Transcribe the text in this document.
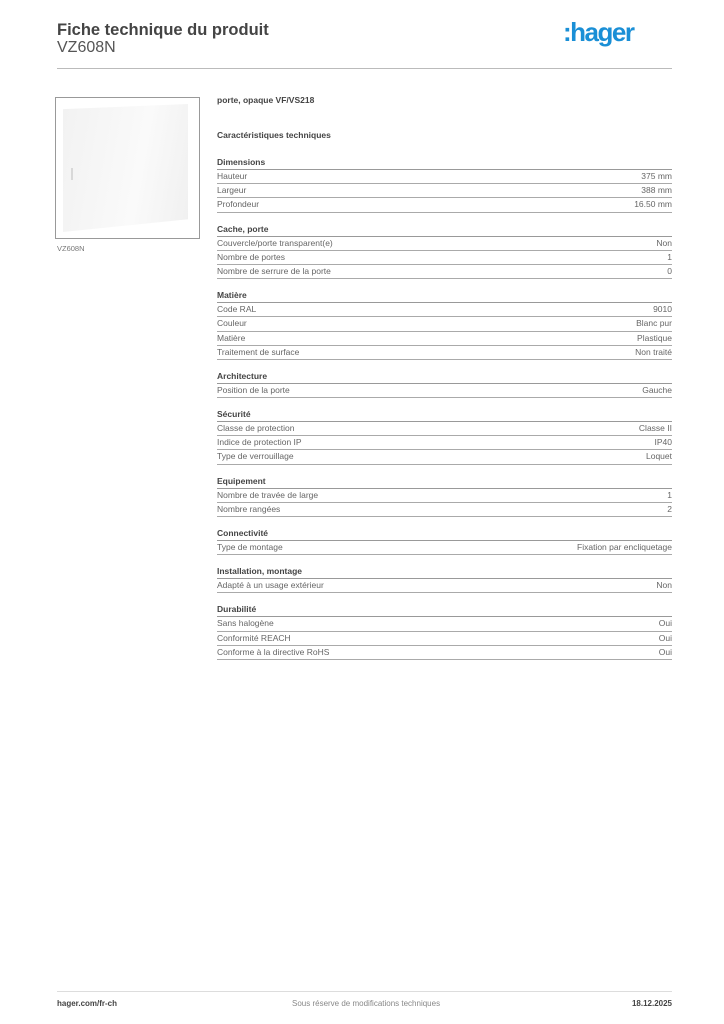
Fiche technique du produit
VZ608N
:hager
VZ608N
porte, opaque VF/VS218
Caractéristiques techniques
Dimensions
Hauteur	375 mm
Largeur	388 mm
Profondeur	16.50 mm
Cache, porte
Couvercle/porte transparent(e)	Non
Nombre de portes	1
Nombre de serrure de la porte	0
Matière
Code RAL	9010
Couleur	Blanc pur
Matière	Plastique
Traitement de surface	Non traité
Architecture
Position de la porte	Gauche
Sécurité
Classe de protection	Classe II
Indice de protection IP	IP40
Type de verrouillage	Loquet
Equipement
Nombre de travée de large	1
Nombre rangées	2
Connectivité
Type de montage	Fixation par encliquetage
Installation, montage
Adapté à un usage extérieur	Non
Durabilité
Sans halogène	Oui
Conformité REACH	Oui
Conforme à la directive RoHS	Oui
hager.com/fr-ch	Sous réserve de modifications techniques	18.12.2025
